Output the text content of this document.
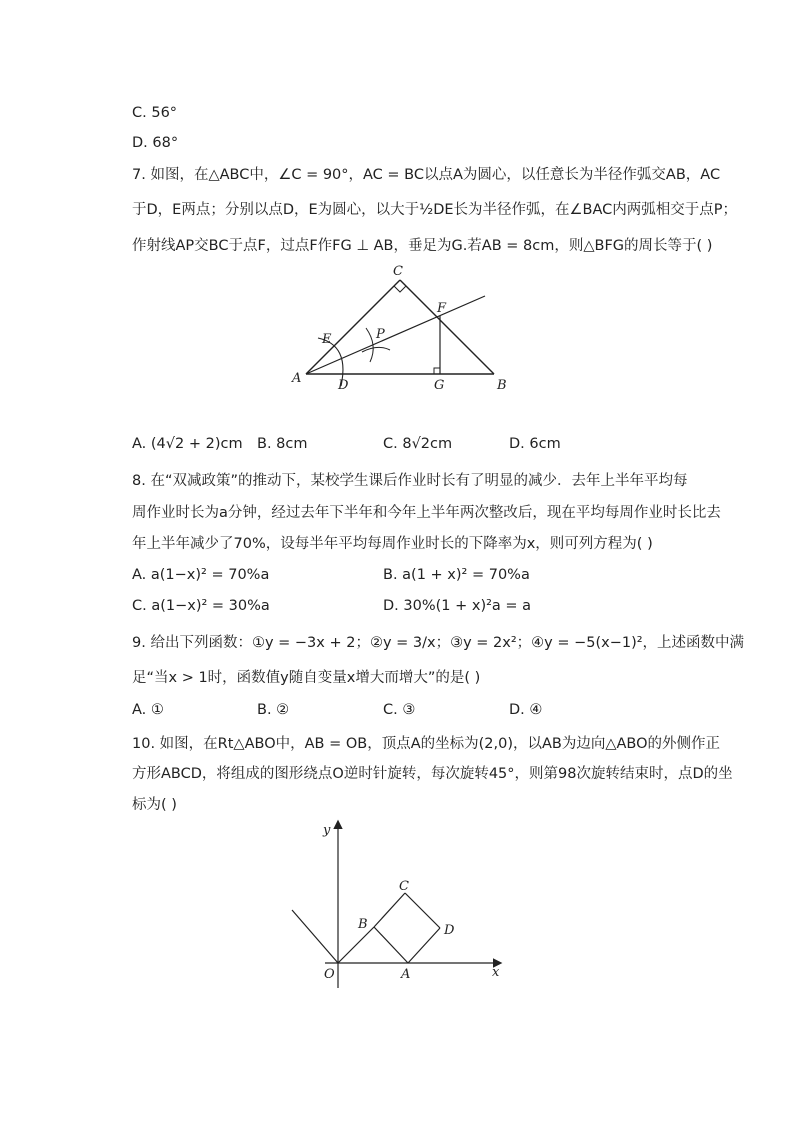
C. 56°
D. 68°
7. 如图，在△ABC中，∠C = 90°，AC = BC以点A为圆心，以任意长为半径作弧交AB，AC
于D，E两点；分别以点D，E为圆心，以大于½DE长为半径作弧，在∠BAC内两弧相交于点P；
作射线AP交BC于点F，过点F作FG ⊥ AB，垂足为G.若AB = 8cm，则△BFG的周长等于( )
A	B
C
D
E
F
G
P
A. (4√2 + 2)cm B. 8cm	C. 8√2cm	D. 6cm
8. 在“双减政策”的推动下，某校学生课后作业时长有了明显的减少．去年上半年平均每
周作业时长为a分钟，经过去年下半年和今年上半年两次整改后，现在平均每周作业时长比去
年上半年减少了70%，设每半年平均每周作业时长的下降率为x，则可列方程为( )
A. a(1−x)² = 70%a	B. a(1 + x)² = 70%a
C. a(1−x)² = 30%a	D. 30%(1 + x)²a = a
9. 给出下列函数：①y = −3x + 2；②y = 3/x；③y = 2x²；④y = −5(x−1)²，上述函数中满
足“当x > 1时，函数值y随自变量x增大而增大”的是( )
A. ①	B. ②	C. ③	D. ④
10. 如图，在Rt△ABO中，AB = OB，顶点A的坐标为(2,0)，以AB为边向△ABO的外侧作正
方形ABCD，将组成的图形绕点O逆时针旋转，每次旋转45°，则第98次旋转结束时，点D的坐
标为( )
y
x
O	A
B
C
D
